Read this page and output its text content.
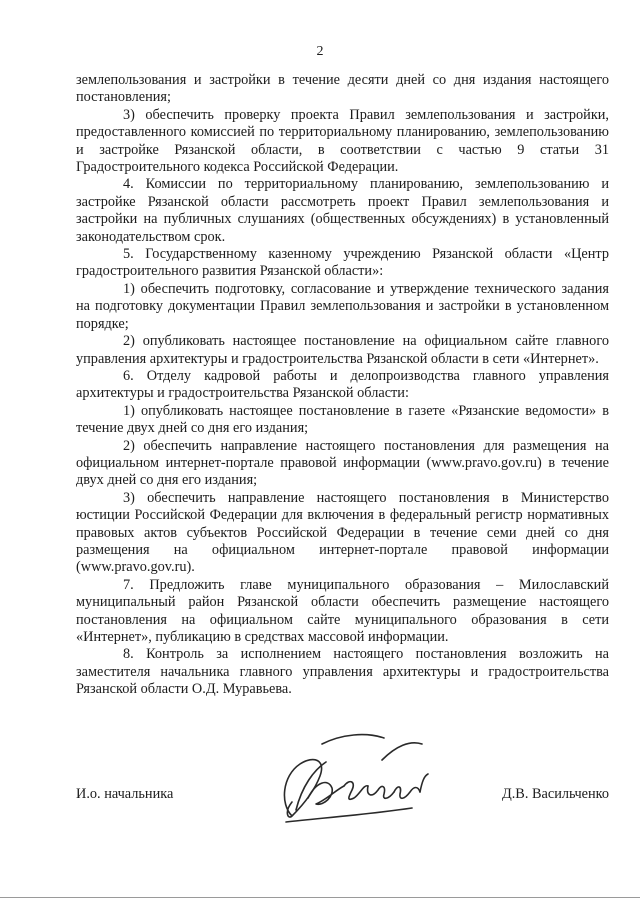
2

землепользования и застройки в течение десяти дней со дня издания настоящего постановления;

3) обеспечить проверку проекта Правил землепользования и застройки, предоставленного комиссией по территориальному планированию, землепользованию и застройке Рязанской области, в соответствии с частью 9 статьи 31 Градостроительного кодекса Российской Федерации.

4. Комиссии по территориальному планированию, землепользованию и застройке Рязанской области рассмотреть проект Правил землепользования и застройки на публичных слушаниях (общественных обсуждениях) в установленный законодательством срок.

5. Государственному казенному учреждению Рязанской области «Центр градостроительного развития Рязанской области»:

1) обеспечить подготовку, согласование и утверждение технического задания на подготовку документации Правил землепользования и застройки в установленном порядке;

2) опубликовать настоящее постановление на официальном сайте главного управления архитектуры и градостроительства Рязанской области в сети «Интернет».

6. Отделу кадровой работы и делопроизводства главного управления архитектуры и градостроительства Рязанской области:

1) опубликовать настоящее постановление в газете «Рязанские ведомости» в течение двух дней со дня его издания;

2) обеспечить направление настоящего постановления для размещения на официальном интернет-портале правовой информации (www.pravo.gov.ru) в течение двух дней со дня его издания;

3) обеспечить направление настоящего постановления в Министерство юстиции Российской Федерации для включения в федеральный регистр нормативных правовых актов субъектов Российской Федерации в течение семи дней со дня размещения на официальном интернет-портале правовой информации (www.pravo.gov.ru).

7. Предложить главе муниципального образования – Милославский муниципальный район Рязанской области обеспечить размещение настоящего постановления на официальном сайте муниципального образования в сети «Интернет», публикацию в средствах массовой информации.

8. Контроль за исполнением настоящего постановления возложить на заместителя начальника главного управления архитектуры и градостроительства Рязанской области О.Д. Муравьева.

И.о. начальника	Д.В. Васильченко
